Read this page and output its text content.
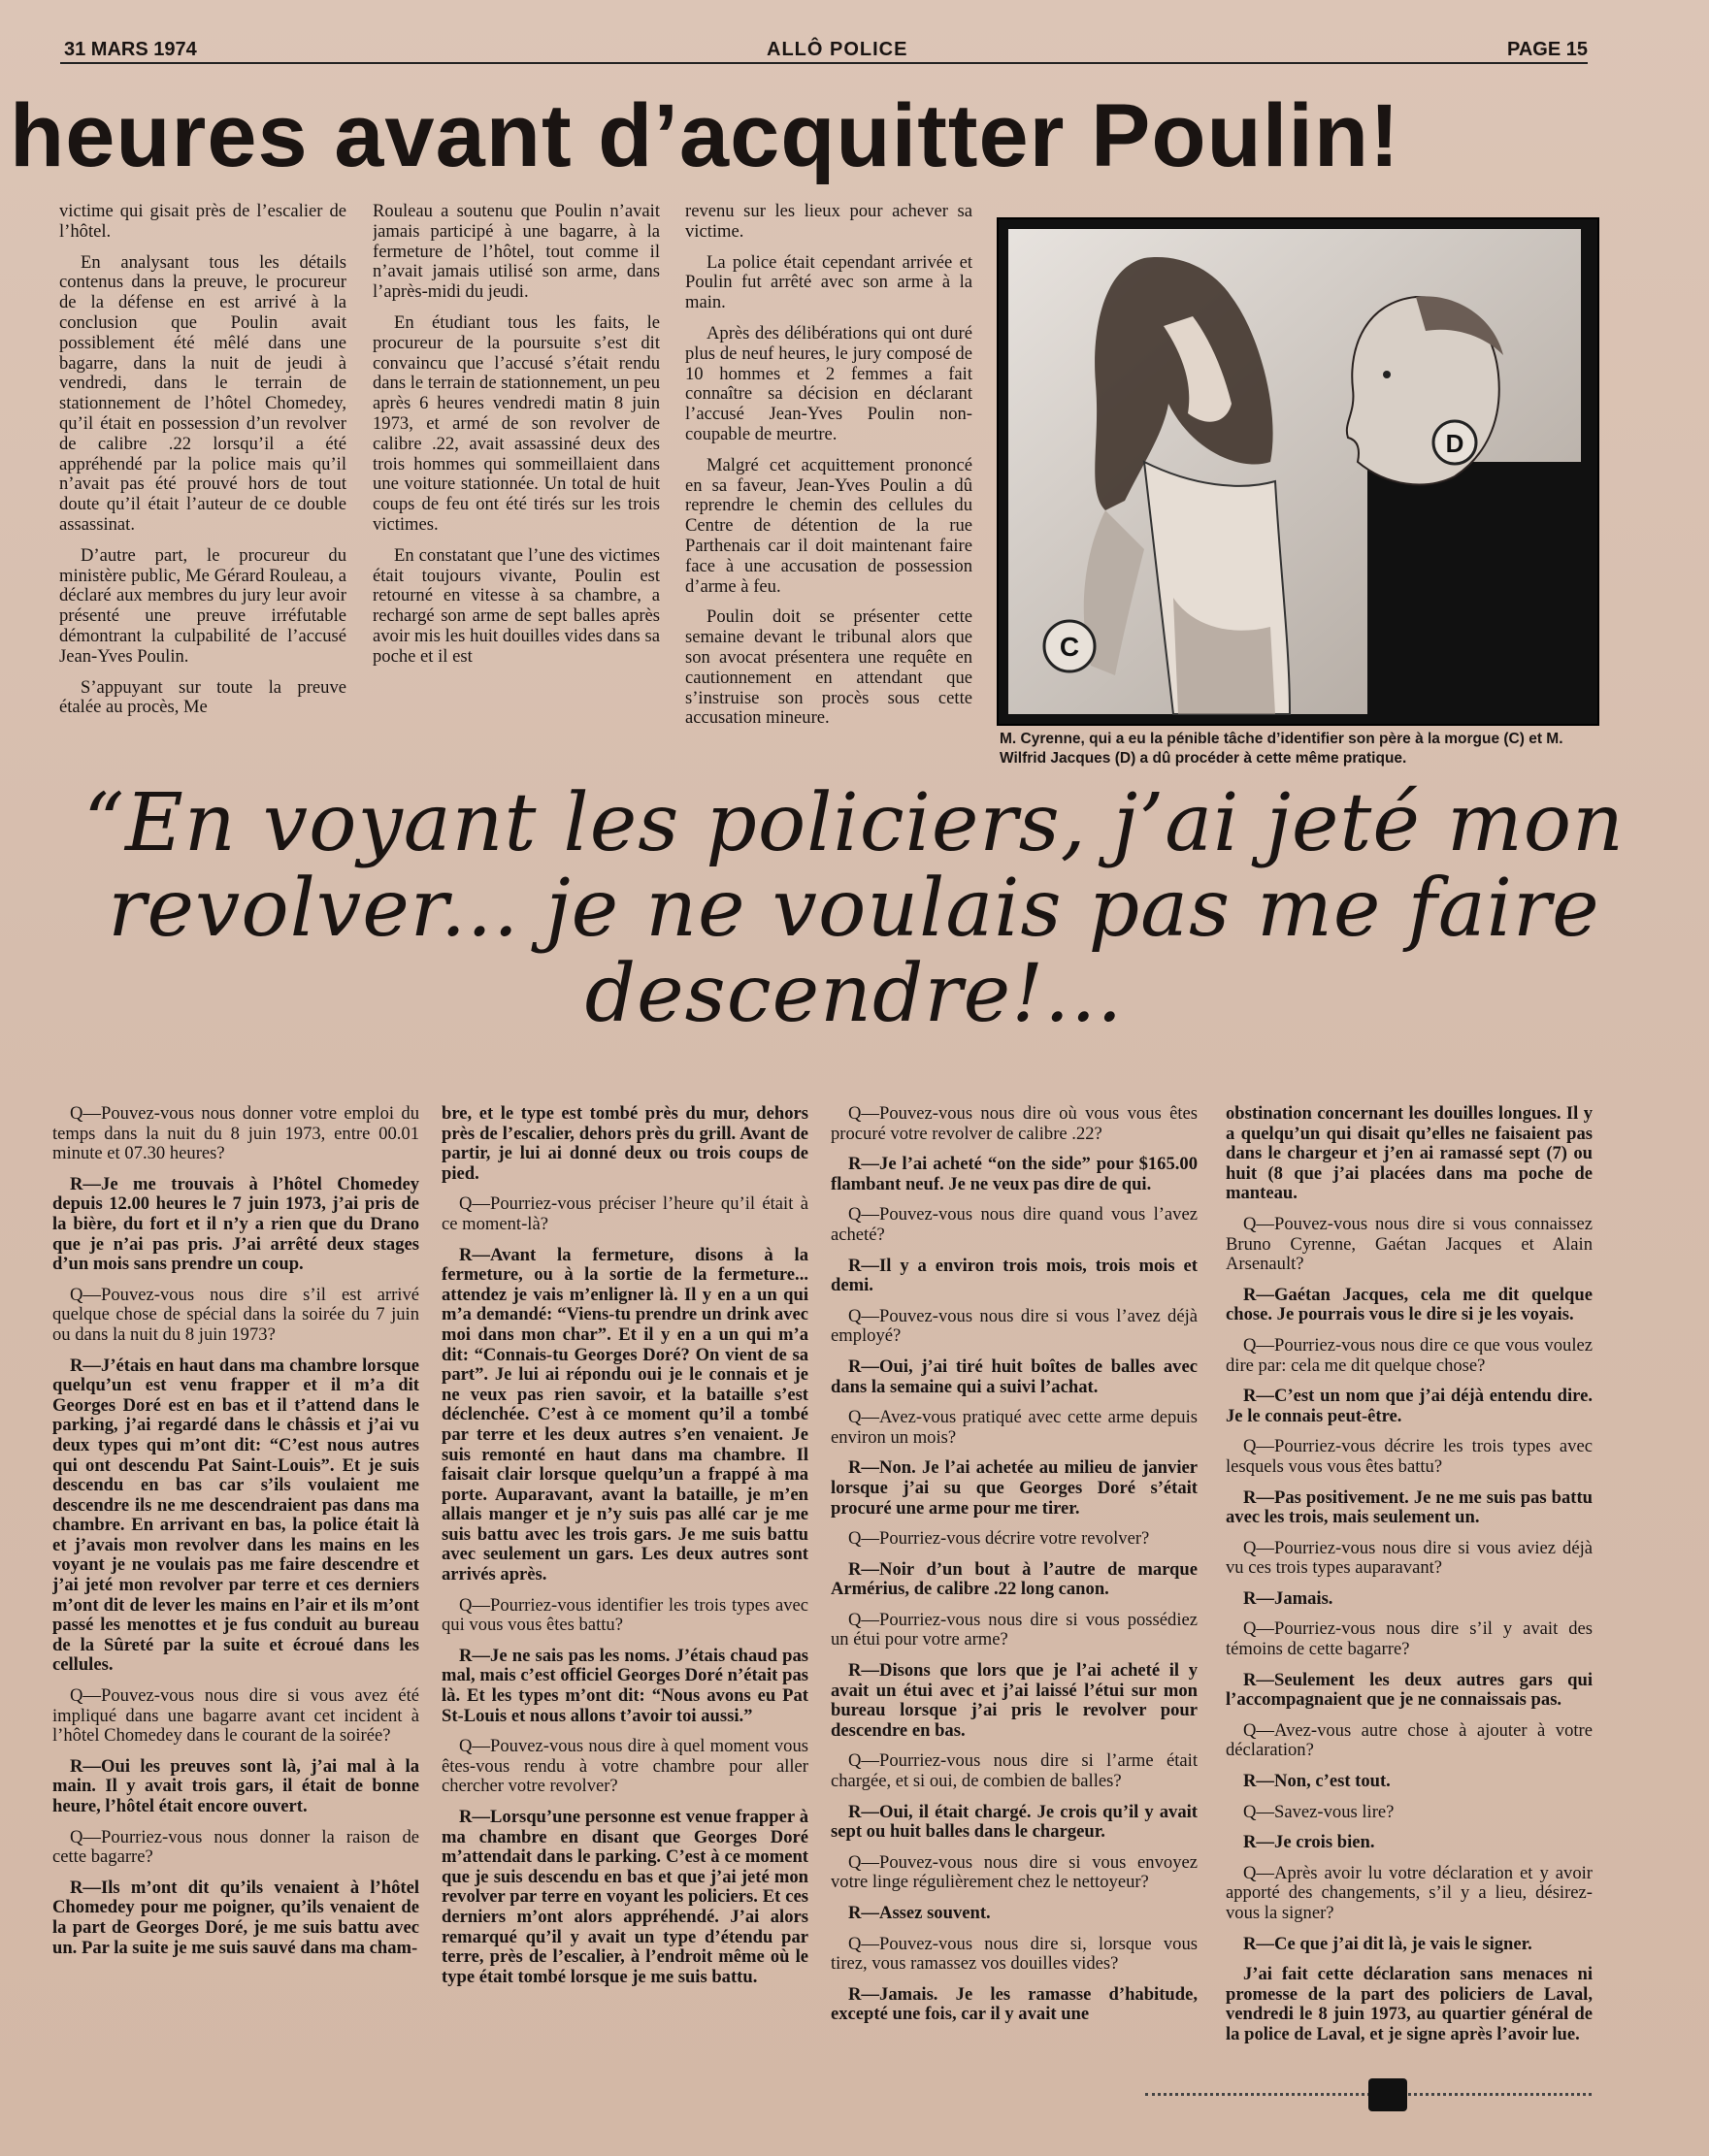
31 MARS 1974	ALLÔ POLICE	PAGE 15
heures avant d’acquitter Poulin!

victime qui gisait près de l’escalier de l’hôtel.

En analysant tous les détails contenus dans la preuve, le procureur de la défense en est arrivé à la conclusion que Poulin avait possiblement été mêlé dans une bagarre, dans la nuit de jeudi à vendredi, dans le terrain de stationnement de l’hôtel Chomedey, qu’il était en possession d’un revolver de calibre .22 lorsqu’il a été appréhendé par la police mais qu’il n’avait pas été prouvé hors de tout doute qu’il était l’auteur de ce double assassinat.

D’autre part, le procureur du ministère public, Me Gérard Rouleau, a déclaré aux membres du jury leur avoir présenté une preuve irréfutable démontrant la culpabilité de l’accusé Jean-Yves Poulin.

S’appuyant sur toute la preuve étalée au procès, Me

Rouleau a soutenu que Poulin n’avait jamais participé à une bagarre, à la fermeture de l’hôtel, tout comme il n’avait jamais utilisé son arme, dans l’après-midi du jeudi.

En étudiant tous les faits, le procureur de la poursuite s’est dit convaincu que l’accusé s’était rendu dans le terrain de stationnement, un peu après 6 heures vendredi matin 8 juin 1973, et armé de son revolver de calibre .22, avait assassiné deux des trois hommes qui sommeillaient dans une voiture stationnée. Un total de huit coups de feu ont été tirés sur les trois victimes.

En constatant que l’une des victimes était toujours vivante, Poulin est retourné en vitesse à sa chambre, a rechargé son arme de sept balles après avoir mis les huit douilles vides dans sa poche et il est

revenu sur les lieux pour achever sa victime.

La police était cependant arrivée et Poulin fut arrêté avec son arme à la main.

Après des délibérations qui ont duré plus de neuf heures, le jury composé de 10 hommes et 2 femmes a fait connaître sa décision en déclarant l’accusé Jean-Yves Poulin non-coupable de meurtre.

Malgré cet acquittement prononcé en sa faveur, Jean-Yves Poulin a dû reprendre le chemin des cellules du Centre de détention de la rue Parthenais car il doit maintenant faire face à une accusation de possession d’arme à feu.

Poulin doit se présenter cette semaine devant le tribunal alors que son avocat présentera une requête en cautionnement en attendant que s’instruise son procès sous cette accusation mineure.

C
D
M. Cyrenne, qui a eu la pénible tâche d’identifier son père à la morgue (C) et M. Wilfrid Jacques (D) a dû procéder à cette même pratique.
“En voyant les policiers, j’ai jeté mon revolver... je ne voulais pas me faire descendre!...

Q—Pouvez-vous nous donner votre emploi du temps dans la nuit du 8 juin 1973, entre 00.01 minute et 07.30 heures?

R—Je me trouvais à l’hôtel Chomedey depuis 12.00 heures le 7 juin 1973, j’ai pris de la bière, du fort et il n’y a rien que du Drano que je n’ai pas pris. J’ai arrêté deux stages d’un mois sans prendre un coup.

Q—Pouvez-vous nous dire s’il est arrivé quelque chose de spécial dans la soirée du 7 juin ou dans la nuit du 8 juin 1973?

R—J’étais en haut dans ma chambre lorsque quelqu’un est venu frapper et il m’a dit Georges Doré est en bas et il t’attend dans le parking, j’ai regardé dans le châssis et j’ai vu deux types qui m’ont dit: “C’est nous autres qui ont descendu Pat Saint-Louis”. Et je suis descendu en bas car s’ils voulaient me descendre ils ne me descendraient pas dans ma chambre. En arrivant en bas, la police était là et j’avais mon revolver dans les mains en les voyant je ne voulais pas me faire descendre et j’ai jeté mon revolver par terre et ces derniers m’ont dit de lever les mains en l’air et ils m’ont passé les menottes et je fus conduit au bureau de la Sûreté par la suite et écroué dans les cellules.

Q—Pouvez-vous nous dire si vous avez été impliqué dans une bagarre avant cet incident à l’hôtel Chomedey dans le courant de la soirée?

R—Oui les preuves sont là, j’ai mal à la main. Il y avait trois gars, il était de bonne heure, l’hôtel était encore ouvert.

Q—Pourriez-vous nous donner la raison de cette bagarre?

R—Ils m’ont dit qu’ils venaient à l’hôtel Chomedey pour me poigner, qu’ils venaient de la part de Georges Doré, je me suis battu avec un. Par la suite je me suis sauvé dans ma cham-

bre, et le type est tombé près du mur, dehors près de l’escalier, dehors près du grill. Avant de partir, je lui ai donné deux ou trois coups de pied.

Q—Pourriez-vous préciser l’heure qu’il était à ce moment-là?

R—Avant la fermeture, disons à la fermeture, ou à la sortie de la fermeture... attendez je vais m’enligner là. Il y en a un qui m’a demandé: “Viens-tu prendre un drink avec moi dans mon char”. Et il y en a un qui m’a dit: “Connais-tu Georges Doré? On vient de sa part”. Je lui ai répondu oui je le connais et je ne veux pas rien savoir, et la bataille s’est déclenchée. C’est à ce moment qu’il a tombé par terre et les deux autres s’en venaient. Je suis remonté en haut dans ma chambre. Il faisait clair lorsque quelqu’un a frappé à ma porte. Auparavant, avant la bataille, je m’en allais manger et je n’y suis pas allé car je me suis battu avec les trois gars. Je me suis battu avec seulement un gars. Les deux autres sont arrivés après.

Q—Pourriez-vous identifier les trois types avec qui vous vous êtes battu?

R—Je ne sais pas les noms. J’étais chaud pas mal, mais c’est officiel Georges Doré n’était pas là. Et les types m’ont dit: “Nous avons eu Pat St-Louis et nous allons t’avoir toi aussi.”

Q—Pouvez-vous nous dire à quel moment vous êtes-vous rendu à votre chambre pour aller chercher votre revolver?

R—Lorsqu’une personne est venue frapper à ma chambre en disant que Georges Doré m’attendait dans le parking. C’est à ce moment que je suis descendu en bas et que j’ai jeté mon revolver par terre en voyant les policiers. Et ces derniers m’ont alors appréhendé. J’ai alors remarqué qu’il y avait un type d’étendu par terre, près de l’escalier, à l’endroit même où le type était tombé lorsque je me suis battu.

Q—Pouvez-vous nous dire où vous vous êtes procuré votre revolver de calibre .22?

R—Je l’ai acheté “on the side” pour $165.00 flambant neuf. Je ne veux pas dire de qui.

Q—Pouvez-vous nous dire quand vous l’avez acheté?

R—Il y a environ trois mois, trois mois et demi.

Q—Pouvez-vous nous dire si vous l’avez déjà employé?

R—Oui, j’ai tiré huit boîtes de balles avec dans la semaine qui a suivi l’achat.

Q—Avez-vous pratiqué avec cette arme depuis environ un mois?

R—Non. Je l’ai achetée au milieu de janvier lorsque j’ai su que Georges Doré s’était procuré une arme pour me tirer.

Q—Pourriez-vous décrire votre revolver?

R—Noir d’un bout à l’autre de marque Armérius, de calibre .22 long canon.

Q—Pourriez-vous nous dire si vous possédiez un étui pour votre arme?

R—Disons que lors que je l’ai acheté il y avait un étui avec et j’ai laissé l’étui sur mon bureau lorsque j’ai pris le revolver pour descendre en bas.

Q—Pourriez-vous nous dire si l’arme était chargée, et si oui, de combien de balles?

R—Oui, il était chargé. Je crois qu’il y avait sept ou huit balles dans le chargeur.

Q—Pouvez-vous nous dire si vous envoyez votre linge régulièrement chez le nettoyeur?

R—Assez souvent.

Q—Pouvez-vous nous dire si, lorsque vous tirez, vous ramassez vos douilles vides?

R—Jamais. Je les ramasse d’habitude, excepté une fois, car il y avait une

obstination concernant les douilles longues. Il y a quelqu’un qui disait qu’elles ne faisaient pas dans le chargeur et j’en ai ramassé sept (7) ou huit (8 que j’ai placées dans ma poche de manteau.

Q—Pouvez-vous nous dire si vous connaissez Bruno Cyrenne, Gaétan Jacques et Alain Arsenault?

R—Gaétan Jacques, cela me dit quelque chose. Je pourrais vous le dire si je les voyais.

Q—Pourriez-vous nous dire ce que vous voulez dire par: cela me dit quelque chose?

R—C’est un nom que j’ai déjà entendu dire. Je le connais peut-être.

Q—Pourriez-vous décrire les trois types avec lesquels vous vous êtes battu?

R—Pas positivement. Je ne me suis pas battu avec les trois, mais seulement un.

Q—Pourriez-vous nous dire si vous aviez déjà vu ces trois types auparavant?

R—Jamais.

Q—Pourriez-vous nous dire s’il y avait des témoins de cette bagarre?

R—Seulement les deux autres gars qui l’accompagnaient que je ne connaissais pas.

Q—Avez-vous autre chose à ajouter à votre déclaration?

R—Non, c’est tout.

Q—Savez-vous lire?

R—Je crois bien.

Q—Après avoir lu votre déclaration et y avoir apporté des changements, s’il y a lieu, désirez-vous la signer?

R—Ce que j’ai dit là, je vais le signer.

J’ai fait cette déclaration sans menaces ni promesse de la part des policiers de Laval, vendredi le 8 juin 1973, au quartier général de la police de Laval, et je signe après l’avoir lue.
